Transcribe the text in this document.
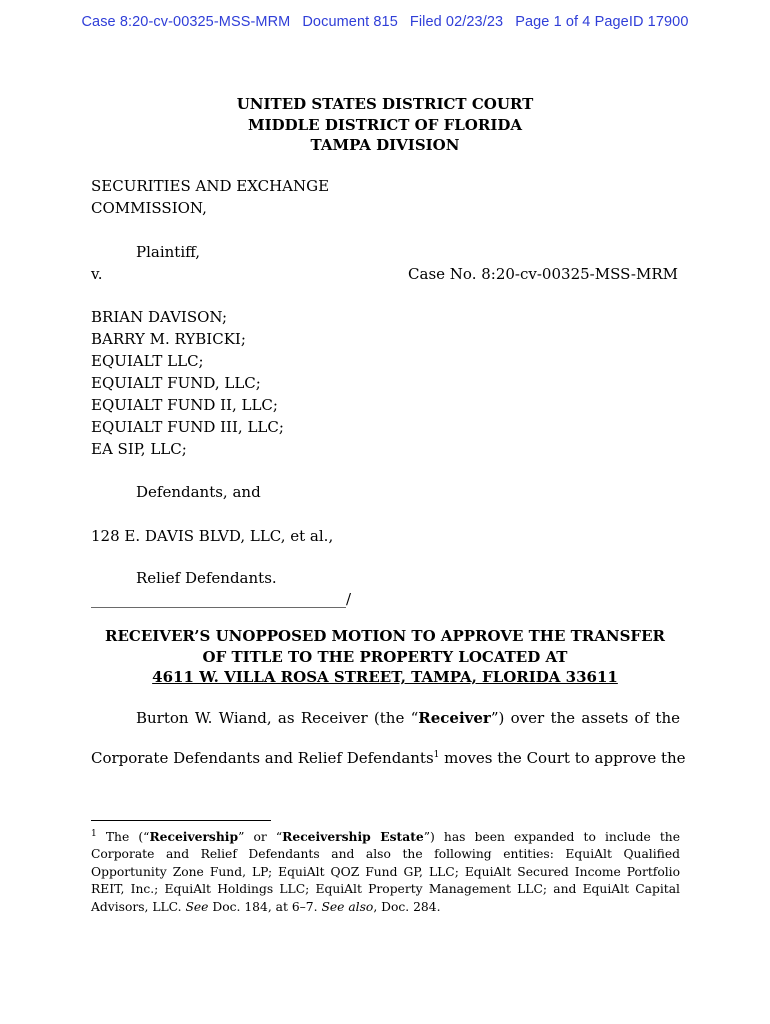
Case 8:20-cv-00325-MSS-MRM Document 815 Filed 02/23/23 Page 1 of 4 PageID 17900
UNITED STATES DISTRICT COURT
MIDDLE DISTRICT OF FLORIDA
TAMPA DIVISION
SECURITIES AND EXCHANGE
COMMISSION,
Plaintiff,
v.	Case No. 8:20-cv-00325-MSS-MRM
BRIAN DAVISON;
BARRY M. RYBICKI;
EQUIALT LLC;
EQUIALT FUND, LLC;
EQUIALT FUND II, LLC;
EQUIALT FUND III, LLC;
EA SIP, LLC;
Defendants, and
128 E. DAVIS BLVD, LLC, et al.,
Relief Defendants.
__________________________________/
RECEIVER’S UNOPPOSED MOTION TO APPROVE THE TRANSFER
OF TITLE TO THE PROPERTY LOCATED AT
4611 W. VILLA ROSA STREET, TAMPA, FLORIDA 33611
Burton W. Wiand, as Receiver (the “Receiver”) over the assets of the
Corporate Defendants and Relief Defendants$^1$ moves the Court to approve the
$^1$ The (“Receivership” or “Receivership Estate”) has been expanded to include the Corporate and Relief Defendants and also the following entities: EquiAlt Qualified Opportunity Zone Fund, LP; EquiAlt QOZ Fund GP, LLC; EquiAlt Secured Income Portfolio REIT, Inc.; EquiAlt Holdings LLC; EquiAlt Property Management LLC; and EquiAlt Capital Advisors, LLC. See Doc. 184, at 6–7. See also, Doc. 284.
